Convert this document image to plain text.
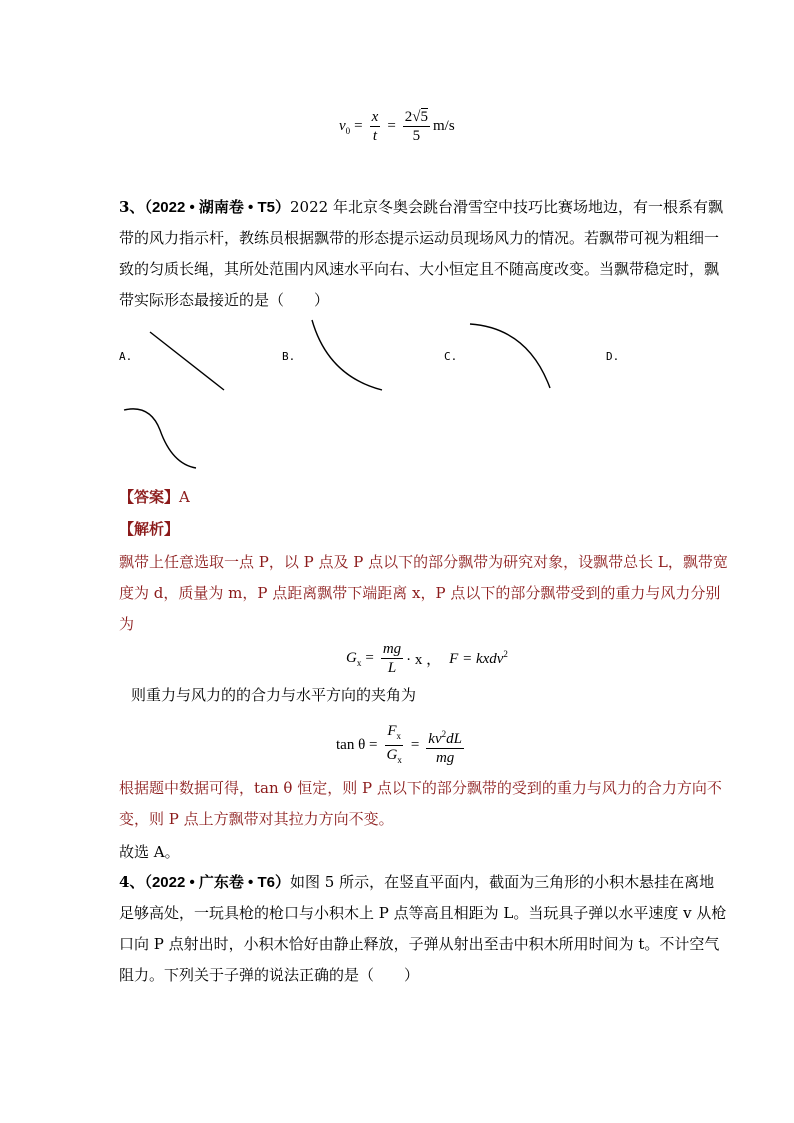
$v_0 = \frac{x}{t} = \frac{2√5}{5} m/s$
3、（2022 • 湖南卷 • T5）2022 年北京冬奥会跳台滑雪空中技巧比赛场地边，有一根系有飘
带的风力指示杆，教练员根据飘带的形态提示运动员现场风力的情况。若飘带可视为粗细一
致的匀质长绳，其所处范围内风速水平向右、大小恒定且不随高度改变。当飘带稳定时，飘
带实际形态最接近的是（　　）
A.	B.	C.	D.
【答案】A
【解析】
飘带上任意选取一点 P，以 P 点及 P 点以下的部分飘带为研究对象，设飘带总长 L，飘带宽
度为 d，质量为 m，P 点距离飘带下端距离 x，P 点以下的部分飘带受到的重力与风力分别
为
$G_x = \frac{mg}{L} \cdot x$ ， F = kxdv$^2$
则重力与风力的的合力与水平方向的夹角为
$\tan \theta = \frac{F_x}{G_x} = \frac{kv^2dL}{mg}$
根据题中数据可得，tan θ 恒定，则 P 点以下的部分飘带的受到的重力与风力的合力方向不
变，则 P 点上方飘带对其拉力方向不变。
故选 A。
4、（2022 • 广东卷 • T6）如图 5 所示，在竖直平面内，截面为三角形的小积木悬挂在离地
足够高处，一玩具枪的枪口与小积木上 P 点等高且相距为 L。当玩具子弹以水平速度 v 从枪
口向 P 点射出时，小积木恰好由静止释放，子弹从射出至击中积木所用时间为 t。不计空气
阻力。下列关于子弹的说法正确的是（　　）
